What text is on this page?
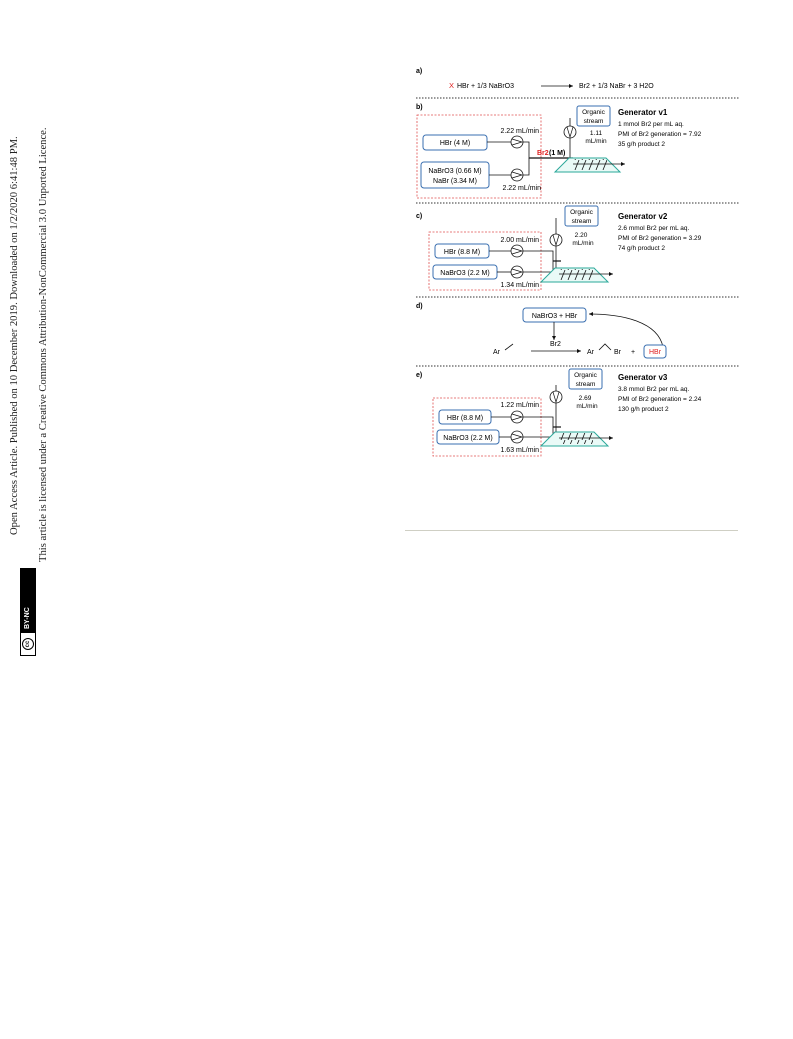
Open Access Article. Published on 10 December 2019. Downloaded on 1/2/2020 6:41:48 PM. This article is licensed under a Creative Commons Attribution-NonCommercial 3.0 Unported Licence.
cc
BY-NC
a)
X HBr + 1/3 NaBrO3	Br2 + 1/3 NaBr + 3 H2O
b)
HBr (4 M)
NaBrO3 (0.66 M)
NaBr (3.34 M)
2.22 mL/min
2.22 mL/min
Br2 (1 M)
Organic
stream
1.11
mL/min
Generator v1
1 mmol Br2 per mL aq.
PMI of Br2 generation = 7.92
35 g/h product 2
c)
HBr (8.8 M)
NaBrO3 (2.2 M)
2.00 mL/min
1.34 mL/min
Organic
stream
2.20
mL/min
Generator v2
2.6 mmol Br2 per mL aq.
PMI of Br2 generation = 3.29
74 g/h product 2
d)
NaBrO3 + HBr
Br2
Ar	Ar	Br + HBr
e)
HBr (8.8 M)
NaBrO3 (2.2 M)
1.22 mL/min
1.63 mL/min
Organic
stream
2.69
mL/min
Generator v3
3.8 mmol Br2 per mL aq.
PMI of Br2 generation = 2.24
130 g/h product 2
